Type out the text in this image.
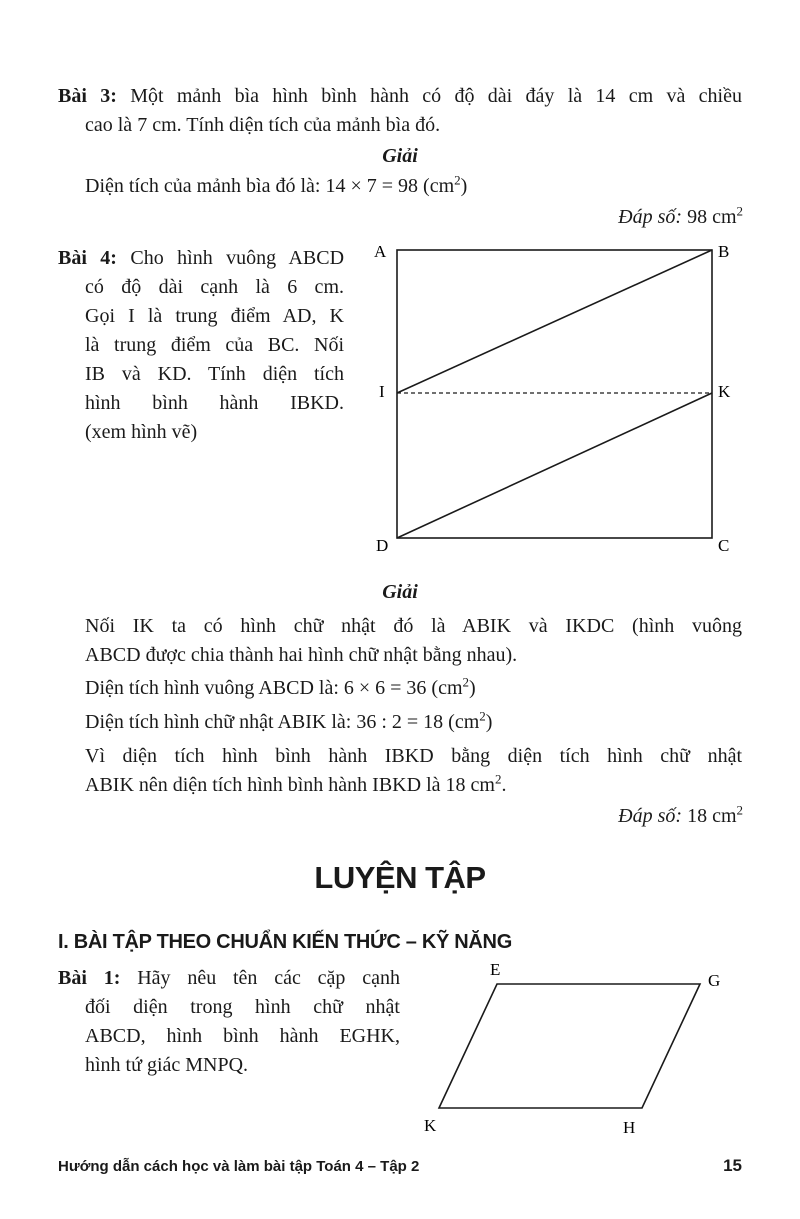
Bài 3: Một mảnh bìa hình bình hành có độ dài đáy là 14 cm và chiều
cao là 7 cm. Tính diện tích của mảnh bìa đó.
Giải
Diện tích của mảnh bìa đó là: 14 × 7 = 98 $(cm^2)$
Đáp số: 98 $cm^2$
Bài 4: Cho hình vuông ABCD
có độ dài cạnh là 6 cm.
Gọi I là trung điểm AD, K
là trung điểm của BC. Nối
IB và KD. Tính diện tích
hình bình hành IBKD.
(xem hình vẽ)
A	B
I	K
D	C
Giải
Nối IK ta có hình chữ nhật đó là ABIK và IKDC (hình vuông
ABCD được chia thành hai hình chữ nhật bằng nhau).
Diện tích hình vuông ABCD là: 6 × 6 = 36 $(cm^2)$
Diện tích hình chữ nhật ABIK là: 36 : 2 = 18 $(cm^2)$
Vì diện tích hình bình hành IBKD bằng diện tích hình chữ nhật
ABIK nên diện tích hình bình hành IBKD là 18 $cm^2$.
Đáp số: 18 $cm^2$
LUYỆN TẬP
I. BÀI TẬP THEO CHUẨN KIẾN THỨC – KỸ NĂNG
Bài 1: Hãy nêu tên các cặp cạnh
đối diện trong hình chữ nhật
ABCD, hình bình hành EGHK,
hình tứ giác MNPQ.
E
G
K	H
Hướng dẫn cách học và làm bài tập Toán 4 – Tập 2	15
